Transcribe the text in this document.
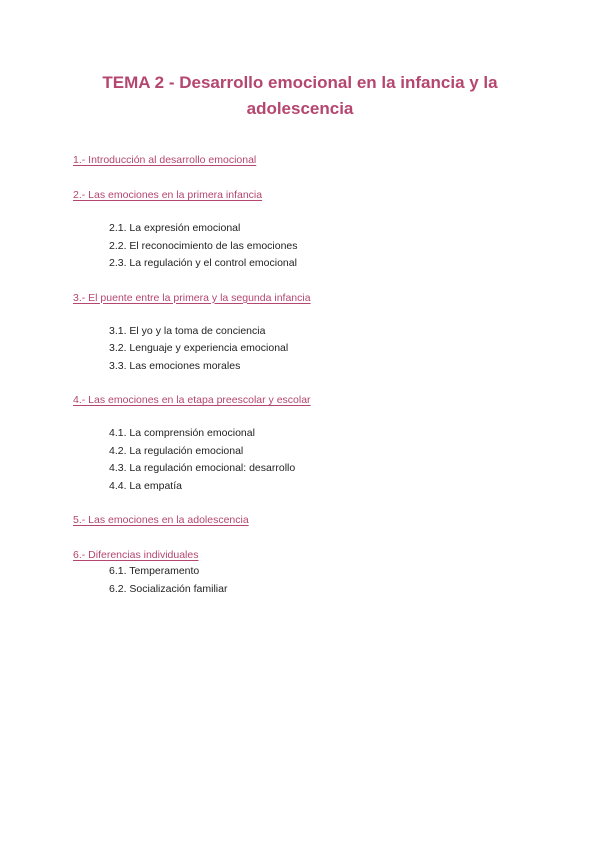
TEMA 2 - Desarrollo emocional en la infancia y la adolescencia
1.- Introducción al desarrollo emocional
2.- Las emociones en la primera infancia
2.1. La expresión emocional
2.2. El reconocimiento de las emociones
2.3. La regulación y el control emocional
3.- El puente entre la primera y la segunda infancia
3.1. El yo y la toma de conciencia
3.2. Lenguaje y experiencia emocional
3.3. Las emociones morales
4.- Las emociones en la etapa preescolar y escolar
4.1. La comprensión emocional
4.2. La regulación emocional
4.3. La regulación emocional: desarrollo
4.4. La empatía
5.- Las emociones en la adolescencia
6.- Diferencias individuales
6.1. Temperamento
6.2. Socialización familiar
